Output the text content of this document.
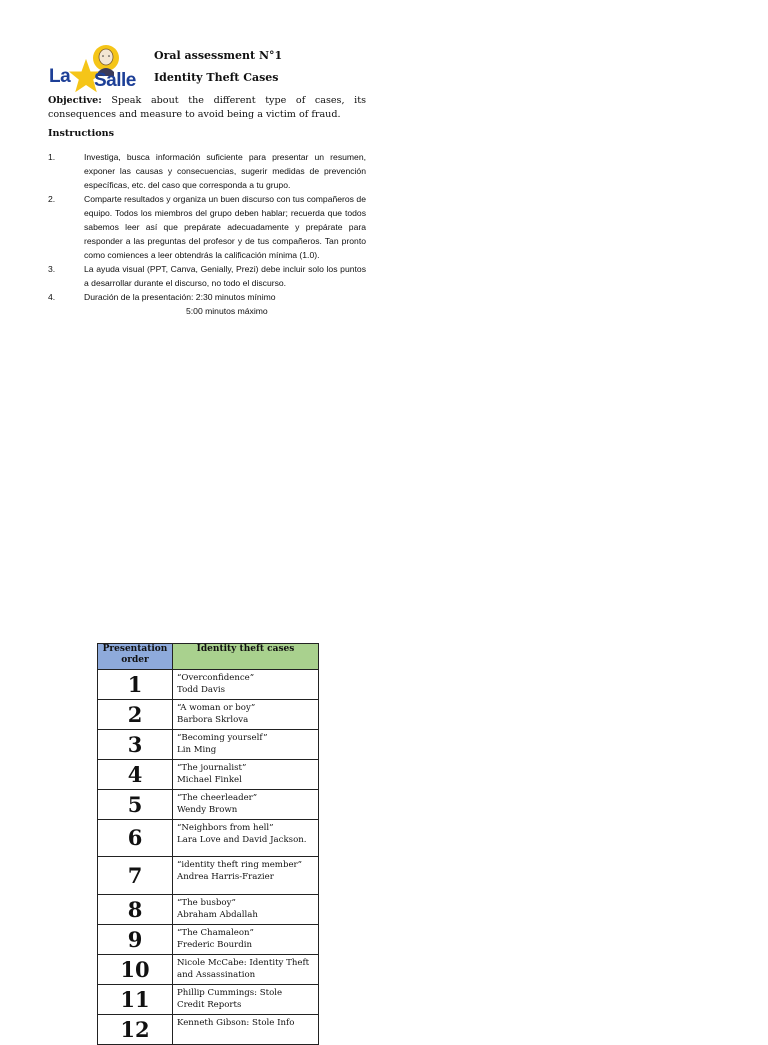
La Salle
Oral assessment N°1
Identity Theft Cases
Objective: Speak about the different type of cases, its consequences and measure to avoid being a victim of fraud.
Instructions
1.	Investiga, busca información suficiente para presentar un resumen, exponer las causas y consecuencias, sugerir medidas de prevención específicas, etc. del caso que corresponda a tu grupo.
2.	Comparte resultados y organiza un buen discurso con tus compañeros de equipo. Todos los miembros del grupo deben hablar; recuerda que todos sabemos leer así que prepárate adecuadamente y prepárate para responder a las preguntas del profesor y de tus compañeros. Tan pronto como comiences a leer obtendrás la calificación mínima (1.0).
3.	La ayuda visual (PPT, Canva, Genially, Prezi) debe incluir solo los puntos a desarrollar durante el discurso, no todo el discurso.
4.	Duración de la presentación: 2:30 minutos mínimo
5:00 minutos máximo
Presentation order	Identity theft cases
1	“Overconfidence”
Todd Davis

2	“A woman or boy”
Barbora Skrlova

3	“Becoming yourself”
Lin Ming

4	“The journalist”
Michael Finkel

5	“The cheerleader”
Wendy Brown

6	“Neighbors from hell”
Lara Love and David Jackson.

7	“identity theft ring member”
Andrea Harris-Frazier

8	“The busboy”
Abraham Abdallah

9	“The Chamaleon”
Frederic Bourdin

10	Nicole McCabe: Identity Theft
and Assassination

11	Phillip Cummings: Stole
Credit Reports

12	Kenneth Gibson: Stole Info
